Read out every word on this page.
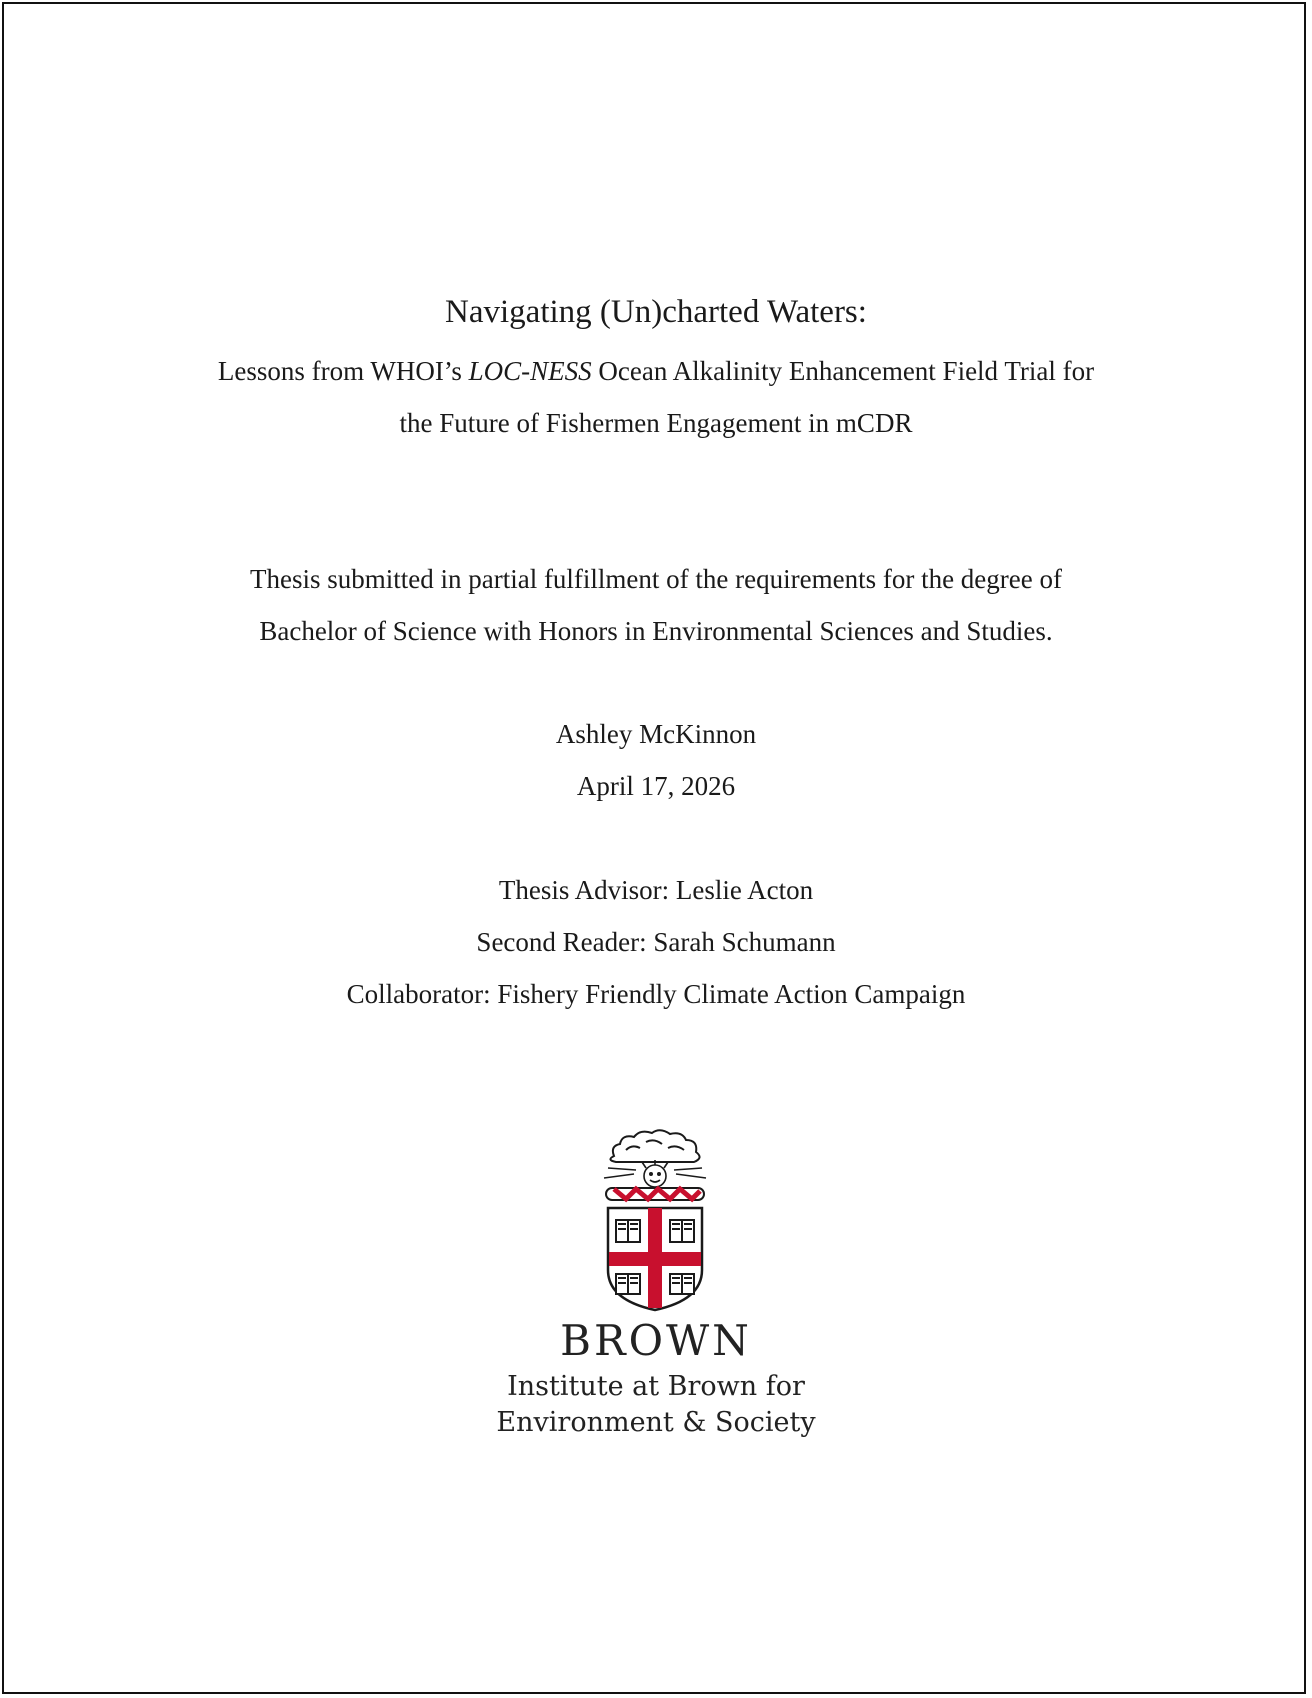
Navigating (Un)charted Waters:
Lessons from WHOI’s LOC-NESS Ocean Alkalinity Enhancement Field Trial for
the Future of Fishermen Engagement in mCDR
Thesis submitted in partial fulfillment of the requirements for the degree of
Bachelor of Science with Honors in Environmental Sciences and Studies.
Ashley McKinnon
April 17, 2026
Thesis Advisor: Leslie Acton
Second Reader: Sarah Schumann
Collaborator: Fishery Friendly Climate Action Campaign
BROWN
Institute at Brown for
Environment & Society
